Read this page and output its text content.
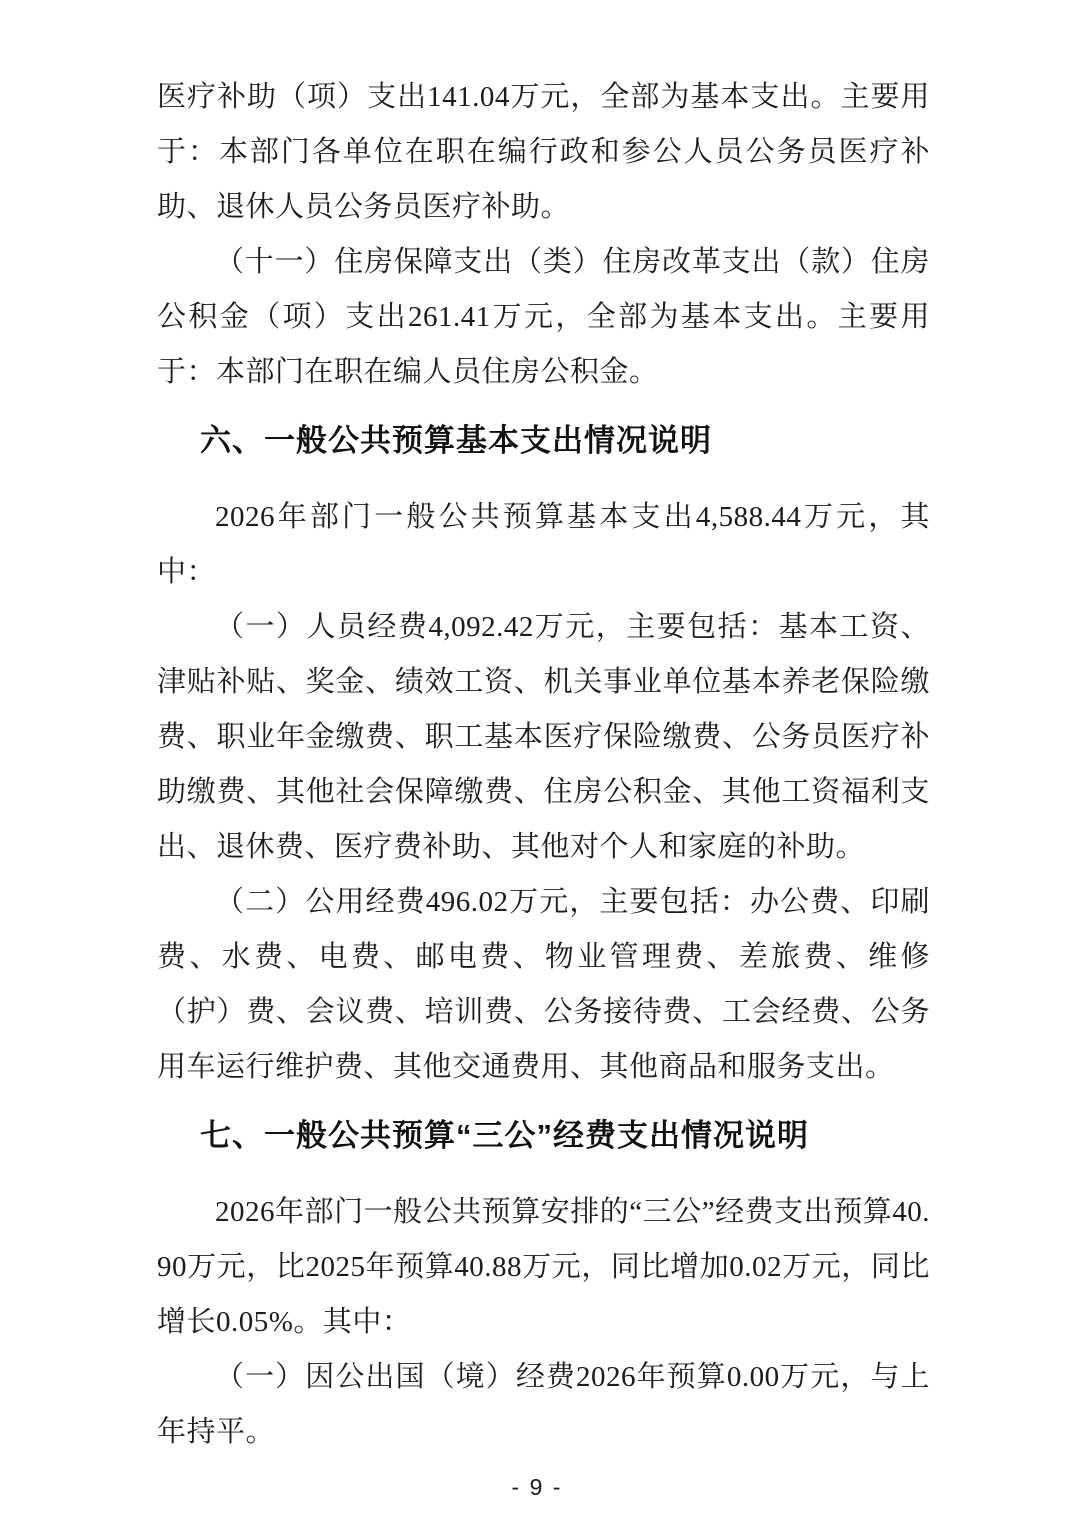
医疗补助（项）支出141.04万元，全部为基本支出。主要用于：本部门各单位在职在编行政和参公人员公务员医疗补助、退休人员公务员医疗补助。

（十一）住房保障支出（类）住房改革支出（款）住房公积金（项）支出261.41万元，全部为基本支出。主要用于：本部门在职在编人员住房公积金。

六、一般公共预算基本支出情况说明

2026年部门一般公共预算基本支出4,588.44万元，其中：

（一）人员经费4,092.42万元，主要包括：基本工资、津贴补贴、奖金、绩效工资、机关事业单位基本养老保险缴费、职业年金缴费、职工基本医疗保险缴费、公务员医疗补助缴费、其他社会保障缴费、住房公积金、其他工资福利支出、退休费、医疗费补助、其他对个人和家庭的补助。

（二）公用经费496.02万元，主要包括：办公费、印刷费、水费、电费、邮电费、物业管理费、差旅费、维修（护）费、会议费、培训费、公务接待费、工会经费、公务用车运行维护费、其他交通费用、其他商品和服务支出。

七、一般公共预算“三公”经费支出情况说明

2026年部门一般公共预算安排的“三公”经费支出预算40.90万元，比2025年预算40.88万元，同比增加0.02万元，同比增长0.05%。其中：

（一）因公出国（境）经费2026年预算0.00万元，与上年持平。

- 9 -
